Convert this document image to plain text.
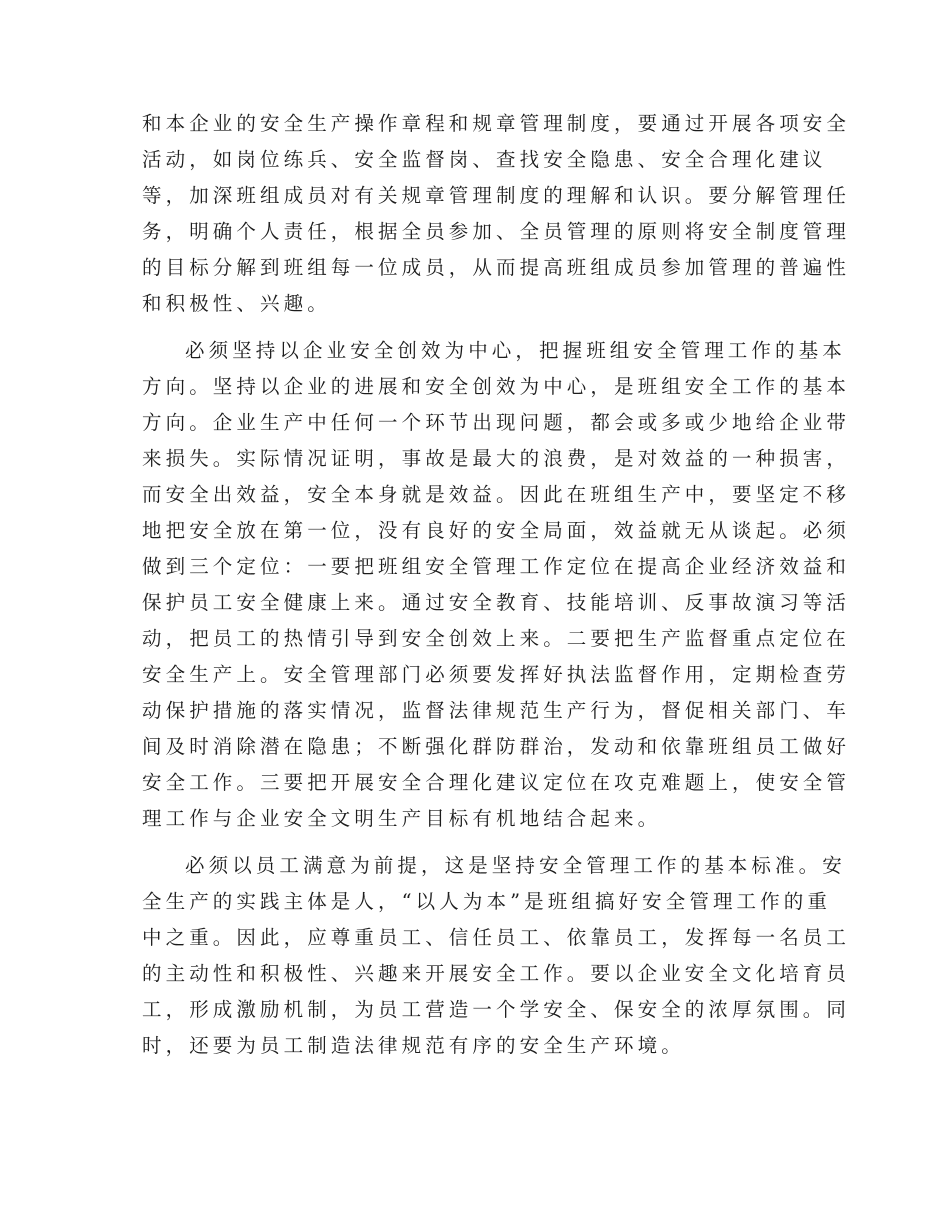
和本企业的安全生产操作章程和规章管理制度，要通过开展各项安全
活动，如岗位练兵、安全监督岗、查找安全隐患、安全合理化建议
等，加深班组成员对有关规章管理制度的理解和认识。要分解管理任
务，明确个人责任，根据全员参加、全员管理的原则将安全制度管理
的目标分解到班组每一位成员，从而提高班组成员参加管理的普遍性
和积极性、兴趣。

必须坚持以企业安全创效为中心，把握班组安全管理工作的基本
方向。坚持以企业的进展和安全创效为中心，是班组安全工作的基本
方向。企业生产中任何一个环节出现问题，都会或多或少地给企业带
来损失。实际情况证明，事故是最大的浪费，是对效益的一种损害，
而安全出效益，安全本身就是效益。因此在班组生产中，要坚定不移
地把安全放在第一位，没有良好的安全局面，效益就无从谈起。必须
做到三个定位：一要把班组安全管理工作定位在提高企业经济效益和
保护员工安全健康上来。通过安全教育、技能培训、反事故演习等活
动，把员工的热情引导到安全创效上来。二要把生产监督重点定位在
安全生产上。安全管理部门必须要发挥好执法监督作用，定期检查劳
动保护措施的落实情况，监督法律规范生产行为，督促相关部门、车
间及时消除潜在隐患；不断强化群防群治，发动和依靠班组员工做好
安全工作。三要把开展安全合理化建议定位在攻克难题上，使安全管
理工作与企业安全文明生产目标有机地结合起来。

必须以员工满意为前提，这是坚持安全管理工作的基本标准。安
全生产的实践主体是人，“以人为本”是班组搞好安全管理工作的重
中之重。因此，应尊重员工、信任员工、依靠员工，发挥每一名员工
的主动性和积极性、兴趣来开展安全工作。要以企业安全文化培育员
工，形成激励机制，为员工营造一个学安全、保安全的浓厚氛围。同
时，还要为员工制造法律规范有序的安全生产环境。
